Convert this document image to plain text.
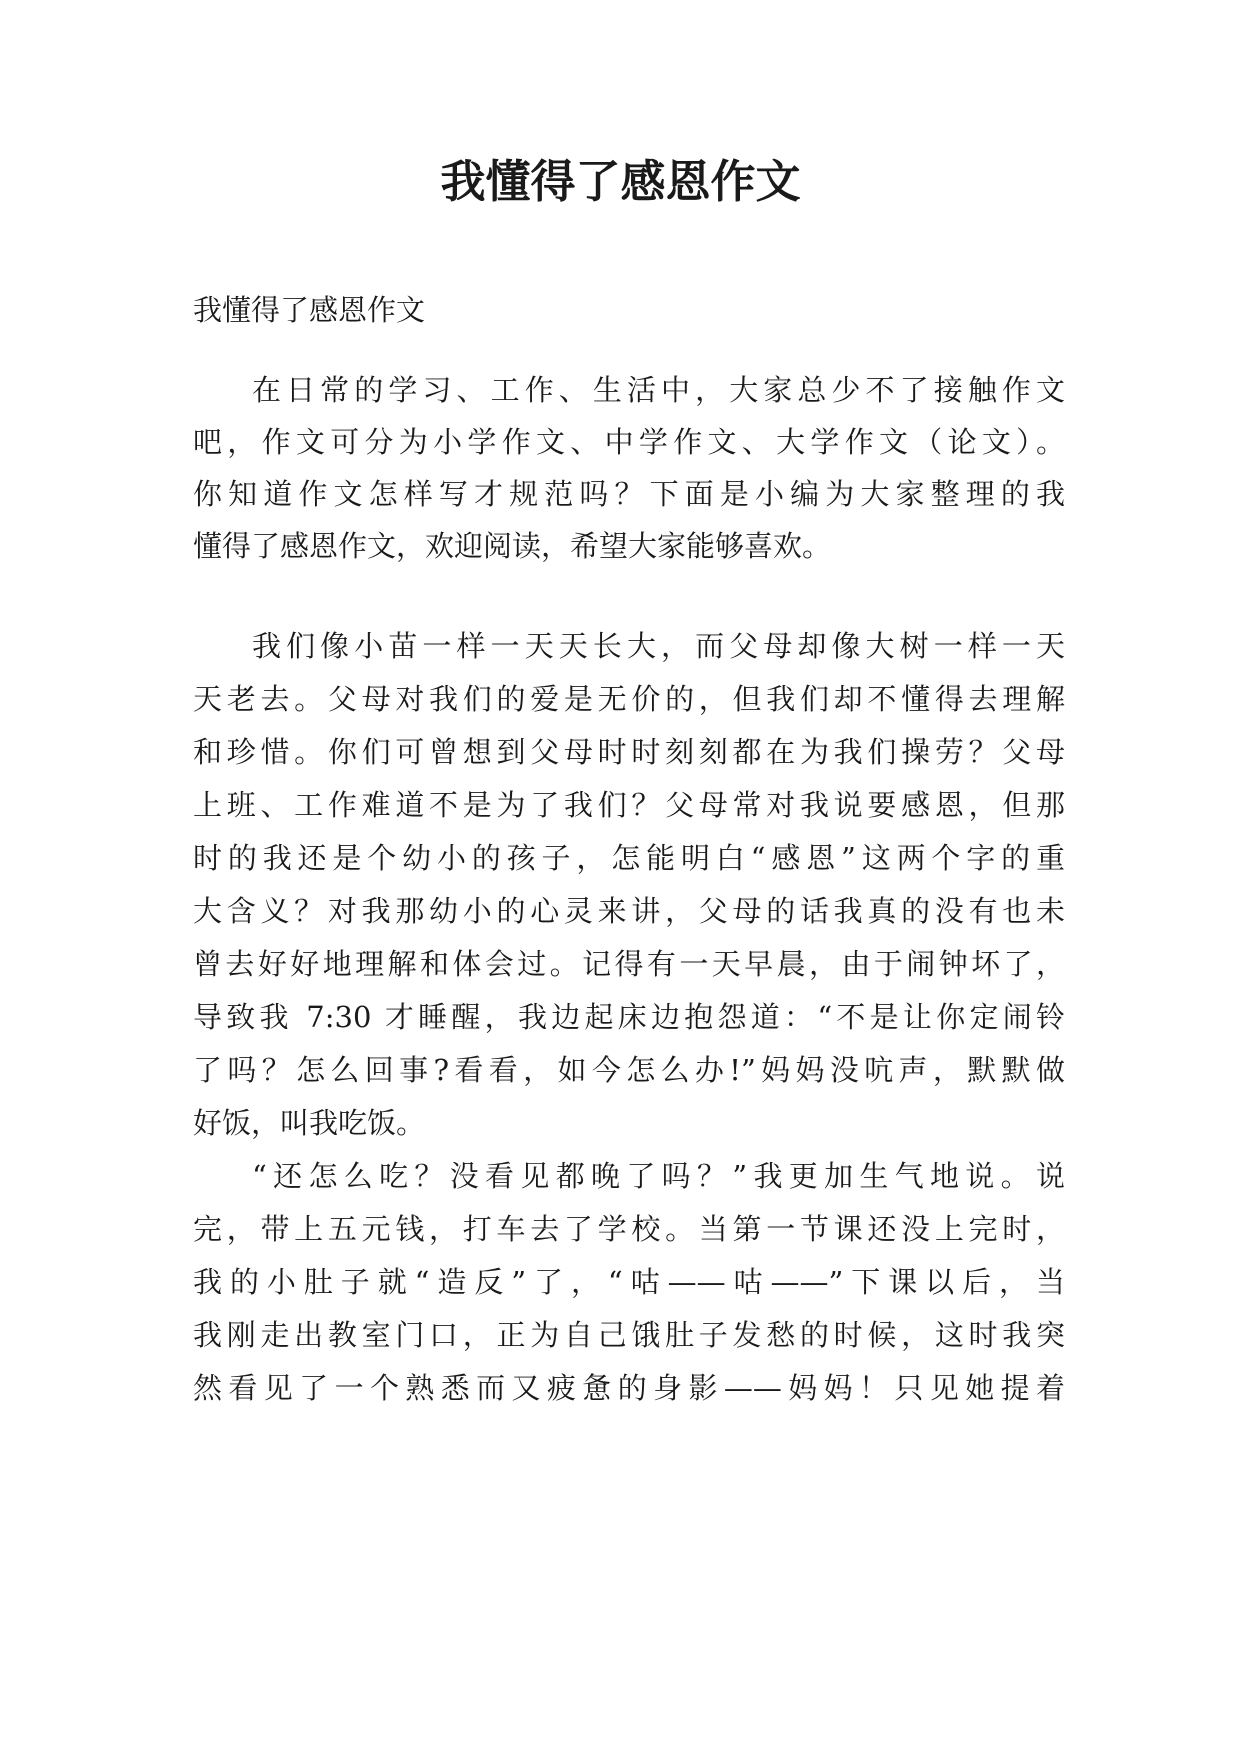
我懂得了感恩作文
我懂得了感恩作文
在日常的学习、工作、生活中，大家总少不了接触作文
吧，作文可分为小学作文、中学作文、大学作文（论文）。
你知道作文怎样写才规范吗？下面是小编为大家整理的我
懂得了感恩作文，欢迎阅读，希望大家能够喜欢。
我们像小苗一样一天天长大，而父母却像大树一样一天
天老去。父母对我们的爱是无价的，但我们却不懂得去理解
和珍惜。你们可曾想到父母时时刻刻都在为我们操劳？父母
上班、工作难道不是为了我们？父母常对我说要感恩，但那
时的我还是个幼小的孩子，怎能明白“感恩”这两个字的重
大含义？对我那幼小的心灵来讲，父母的话我真的没有也未
曾去好好地理解和体会过。记得有一天早晨，由于闹钟坏了，
导致我 7:30 才睡醒，我边起床边抱怨道：“不是让你定闹铃
了吗？怎么回事?看看，如今怎么办!”妈妈没吭声，默默做
好饭，叫我吃饭。
“还怎么吃？没看见都晚了吗？”我更加生气地说。说
完，带上五元钱，打车去了学校。当第一节课还没上完时，
我的小肚子就“造反”了，“咕——咕——”下课以后，当
我刚走出教室门口，正为自己饿肚子发愁的时候，这时我突
然看见了一个熟悉而又疲惫的身影——妈妈！只见她提着
